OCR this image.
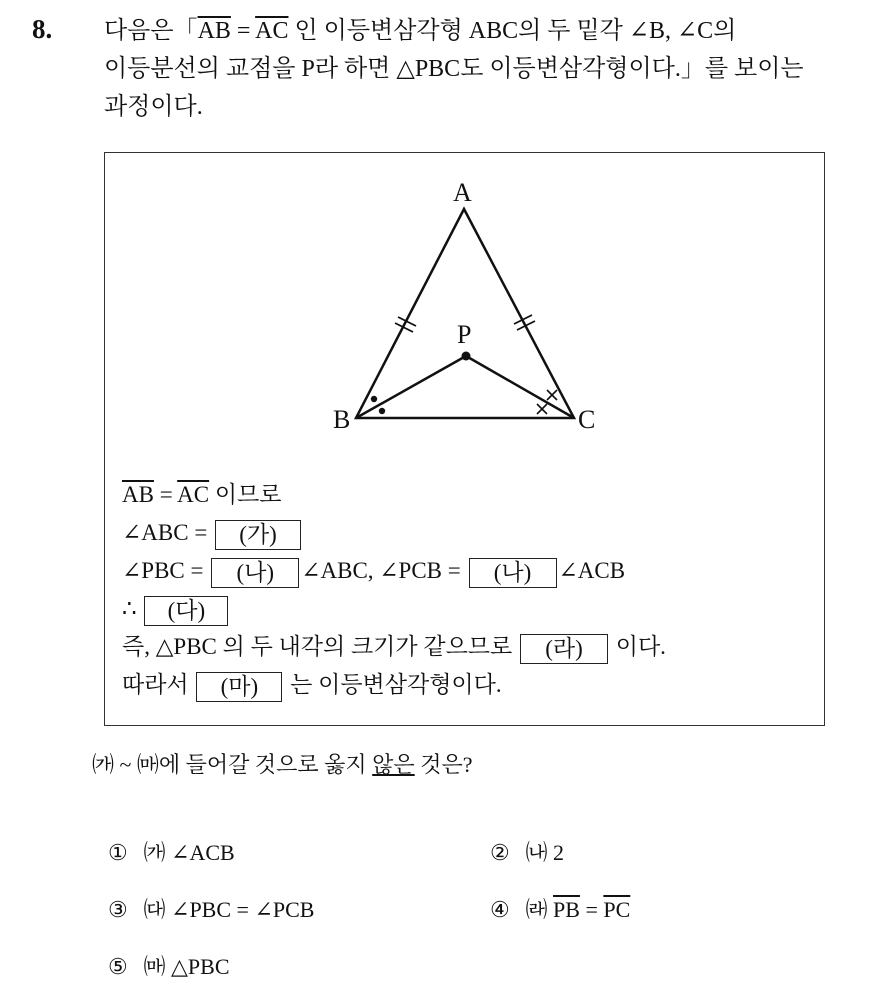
8. 다음은「$\overline{AB} = \overline{AC}$ 인 이등변삼각형 ABC의 두 밑각 ∠B, ∠C의
이등분선의 교점을 P라 하면 △PBC도 이등변삼각형이다.」를 보이는
과정이다.
A
B	C
P
$\overline{AB} = \overline{AC}$ 이므로
∠ABC = (가)
∠PBC = (나) ∠ABC, ∠PCB = (나) ∠ACB
∴ (다)
즉, △PBC 의 두 내각의 크기가 같으므로 (라) 이다.
따라서 (마) 는 이등변삼각형이다.
㈎ ~ ㈒에 들어갈 것으로 옳지 않은 것은?
① ㈎ ∠ACB	② ㈏ 2
③ ㈐ ∠PBC = ∠PCB	④ ㈑ $\overline{PB} = \overline{PC}$
⑤ ㈒ △PBC
